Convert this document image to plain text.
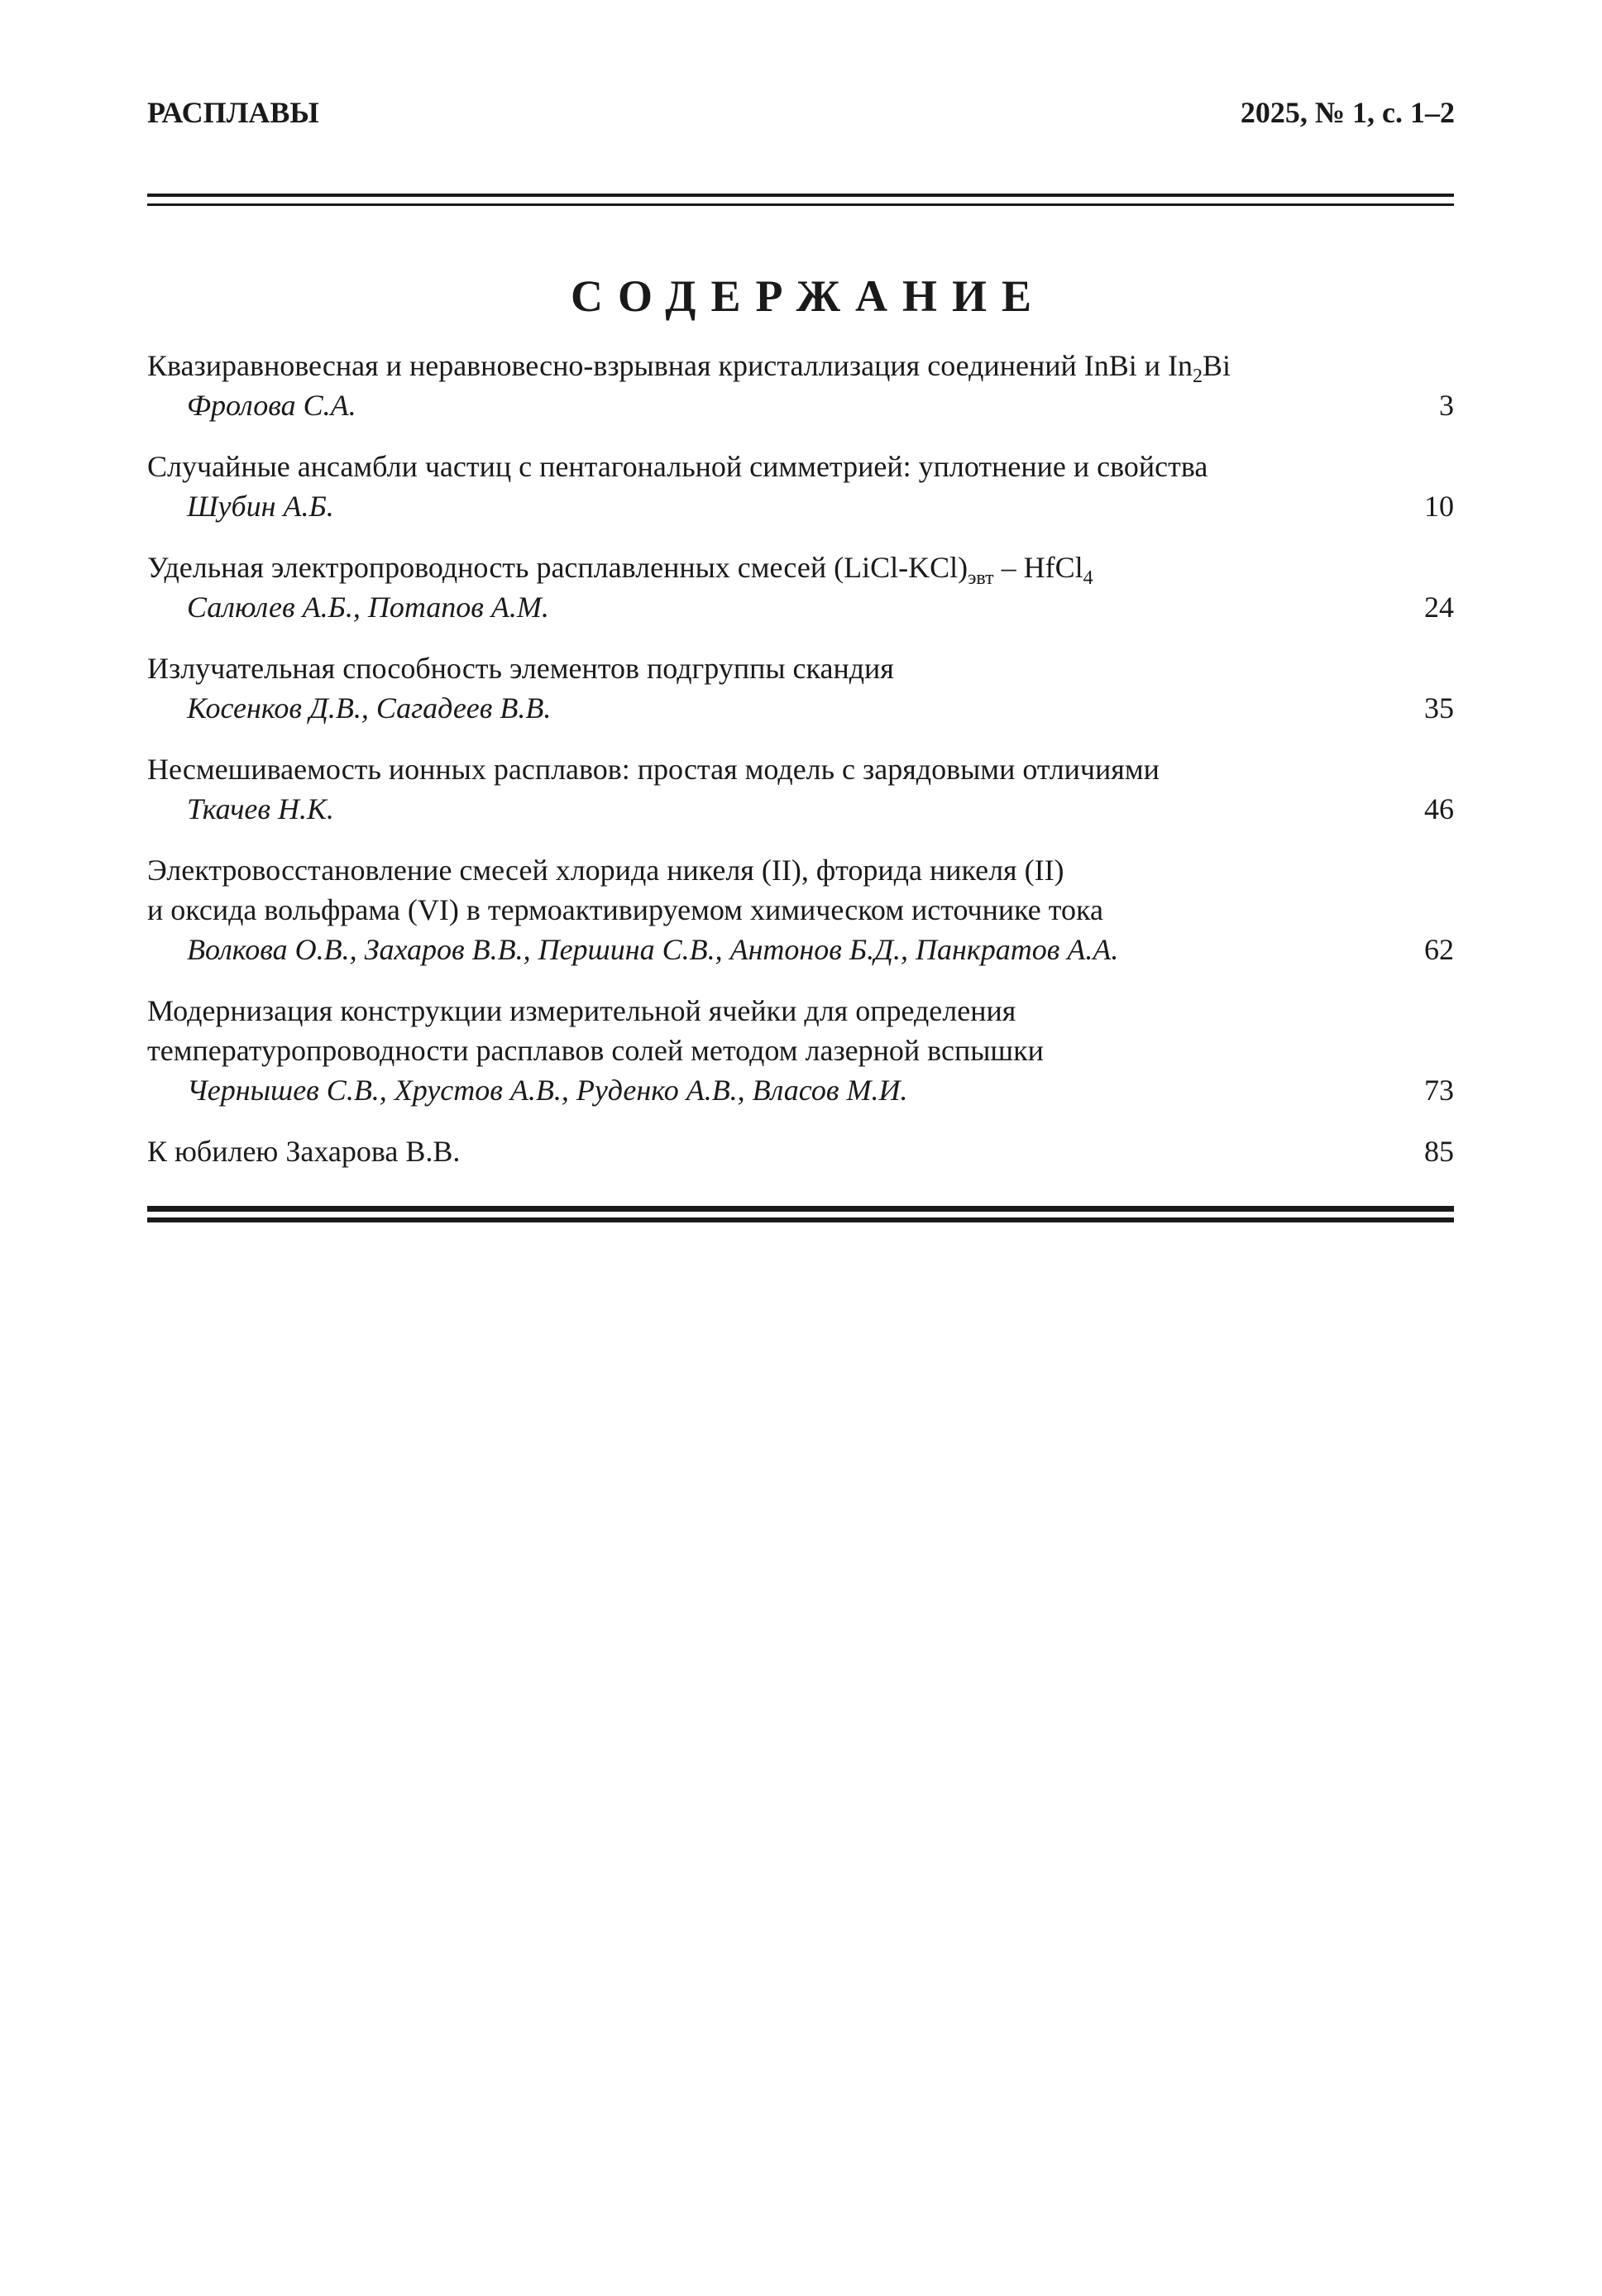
РАСПЛАВЫ	2025, № 1, с. 1–2
СОДЕРЖАНИЕ
Квазиравновесная и неравновесно-взрывная кристаллизация соединений InBi и $In_2Bi$
Фролова С.А.	3
Случайные ансамбли частиц с пентагональной симметрией: уплотнение и свойства
Шубин А.Б.	10
Удельная электропроводность расплавленных смесей $(LiCl-KCl)_{эвт}$ – HfCl$_4$
Салюлев А.Б., Потапов А.М.	24
Излучательная способность элементов подгруппы скандия
Косенков Д.В., Сагадеев В.В.	35
Несмешиваемость ионных расплавов: простая модель с зарядовыми отличиями
Ткачев Н.К.	46
Электровосстановление смесей хлорида никеля (II), фторида никеля (II)
и оксида вольфрама (VI) в термоактивируемом химическом источнике тока
Волкова О.В., Захаров В.В., Першина С.В., Антонов Б.Д., Панкратов А.А.	62
Модернизация конструкции измерительной ячейки для определения
температуропроводности расплавов солей методом лазерной вспышки
Чернышев С.В., Хрустов А.В., Руденко А.В., Власов М.И.	73
К юбилею Захарова В.В.	85
